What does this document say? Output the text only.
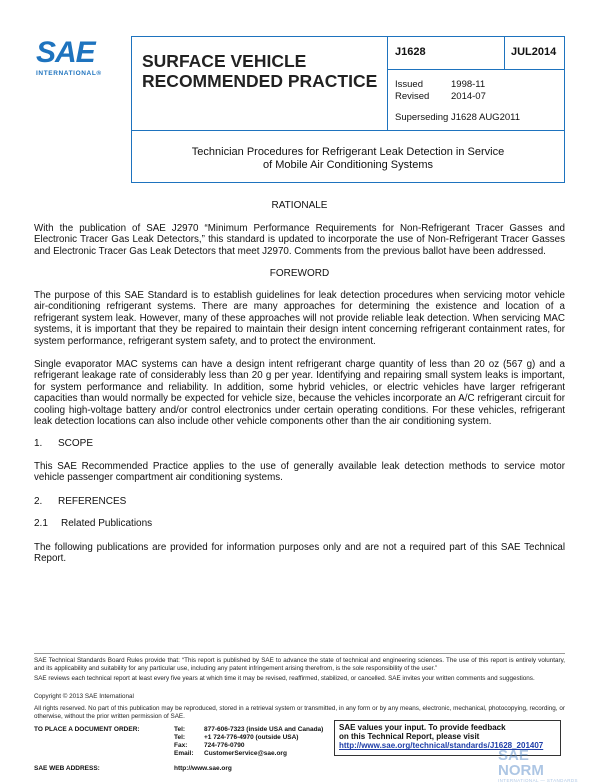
SAE
INTERNATIONAL®
SURFACE VEHICLE
RECOMMENDED PRACTICE
J1628	JUL2014
Issued	1998-11
Revised 2014-07
Superseding J1628 AUG2011
Technician Procedures for Refrigerant Leak Detection in Service
of Mobile Air Conditioning Systems
RATIONALE
With the publication of SAE J2970 “Minimum Performance Requirements for Non-Refrigerant Tracer Gasses and Electronic Tracer Gas Leak Detectors,” this standard is updated to incorporate the use of Non-Refrigerant Tracer Gasses and Electronic Tracer Gas Leak Detectors that meet J2970. Comments from the previous ballot have been addressed.
FOREWORD
The purpose of this SAE Standard is to establish guidelines for leak detection procedures when servicing motor vehicle air-conditioning refrigerant systems. There are many approaches for determining the existence and location of a refrigerant system leak. However, many of these approaches will not provide reliable leak detection. When servicing MAC systems, it is important that they be repaired to maintain their design intent concerning refrigerant containment rates, for system performance, refrigerant system safety, and to protect the environment.
Single evaporator MAC systems can have a design intent refrigerant charge quantity of less than 20 oz (567 g) and a refrigerant leakage rate of considerably less than 20 g per year. Identifying and repairing small system leaks is important, for system performance and reliability. In addition, some hybrid vehicles, or electric vehicles have larger refrigerant capacities than would normally be expected for vehicle size, because the vehicles incorporate an A/C refrigerant circuit for cooling high-voltage battery and/or control electronics under certain operating conditions. For these vehicles, refrigerant leak detection locations can also include other vehicle components other than the air conditioning system.
1. SCOPE
This SAE Recommended Practice applies to the use of generally available leak detection methods to service motor vehicle passenger compartment air conditioning systems.
2. REFERENCES
2.1 Related Publications
The following publications are provided for information purposes only and are not a required part of this SAE Technical Report.
SAE Technical Standards Board Rules provide that: “This report is published by SAE to advance the state of technical and engineering sciences. The use of this report is entirely voluntary, and its applicability and suitability for any particular use, including any patent infringement arising therefrom, is the sole responsibility of the user.”
SAE reviews each technical report at least every five years at which time it may be revised, reaffirmed, stabilized, or cancelled. SAE invites your written comments and suggestions.
Copyright © 2013 SAE International
All rights reserved. No part of this publication may be reproduced, stored in a retrieval system or transmitted, in any form or by any means, electronic, mechanical, photocopying, recording, or otherwise, without the prior written permission of SAE.
TO PLACE A DOCUMENT ORDER:	Tel:	877-606-7323 (inside USA and Canada)
Tel:	+1 724-776-4970 (outside USA)
Fax:	724-776-0790
Email: CustomerService@sae.org
SAE WEB ADDRESS:	http://www.sae.org
SAE values your input. To provide feedback
on this Technical Report, please visit
http://www.sae.org/technical/standards/J1628_201407
SAE NORM
INTERNATIONAL — STANDARDS
